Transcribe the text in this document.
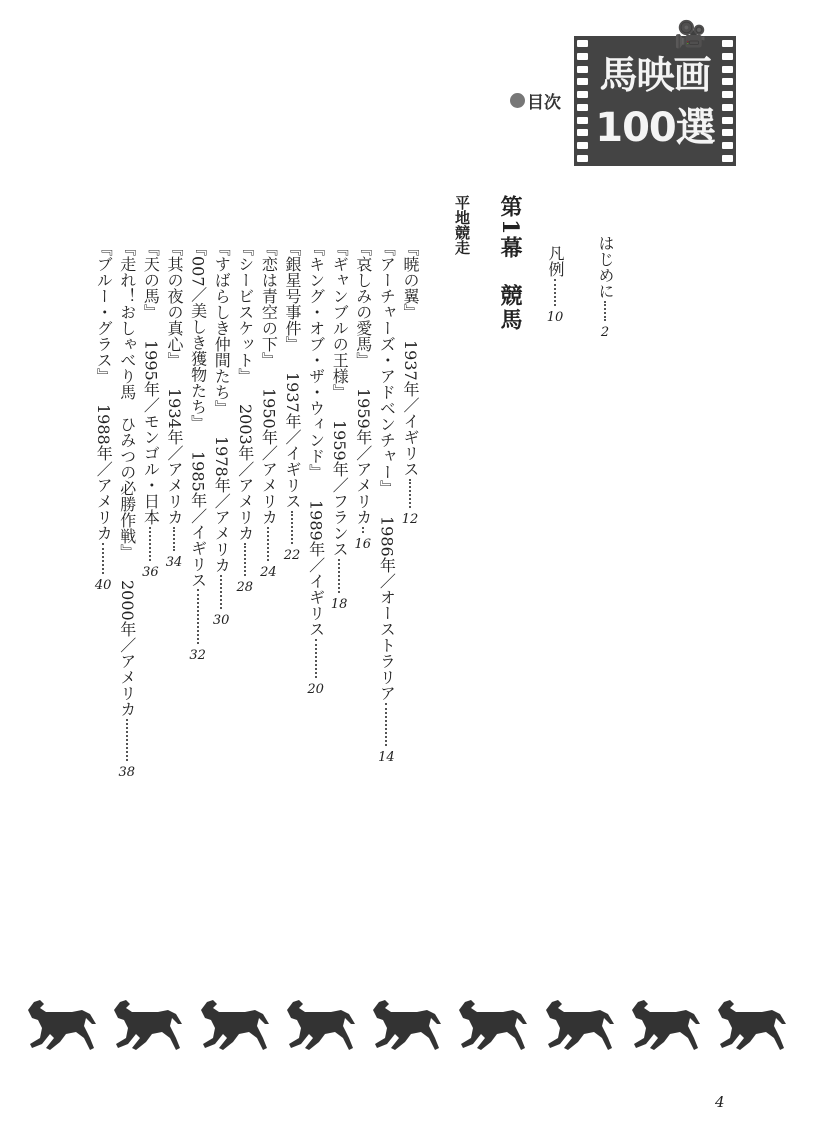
目次
🎥
馬映画
100選
はじめに
2
凡例
10
第1幕　競馬
平地競走
『暁の翼』
1937年／イギリス
12
『アーチャーズ・アドベンチャー』
1986年／オーストラリア
14
『哀しみの愛馬』
1959年／アメリカ
16
『ギャンブルの王様』
1959年／フランス
18
『キング・オブ・ザ・ウィンド』
1989年／イギリス
20
『銀星号事件』
1937年／イギリス
22
『恋は青空の下』
1950年／アメリカ
24
『シービスケット』
2003年／アメリカ
28
『すばらしき仲間たち』
1978年／アメリカ
30
『007／美しき獲物たち』
1985年／イギリス
32
『其の夜の真心』
1934年／アメリカ
34
『天の馬』
1995年／モンゴル・日本
36
『走れ！おしゃべり馬　ひみつの必勝作戦』
2000年／アメリカ
38
『ブルー・グラス』
1988年／アメリカ
40
4
